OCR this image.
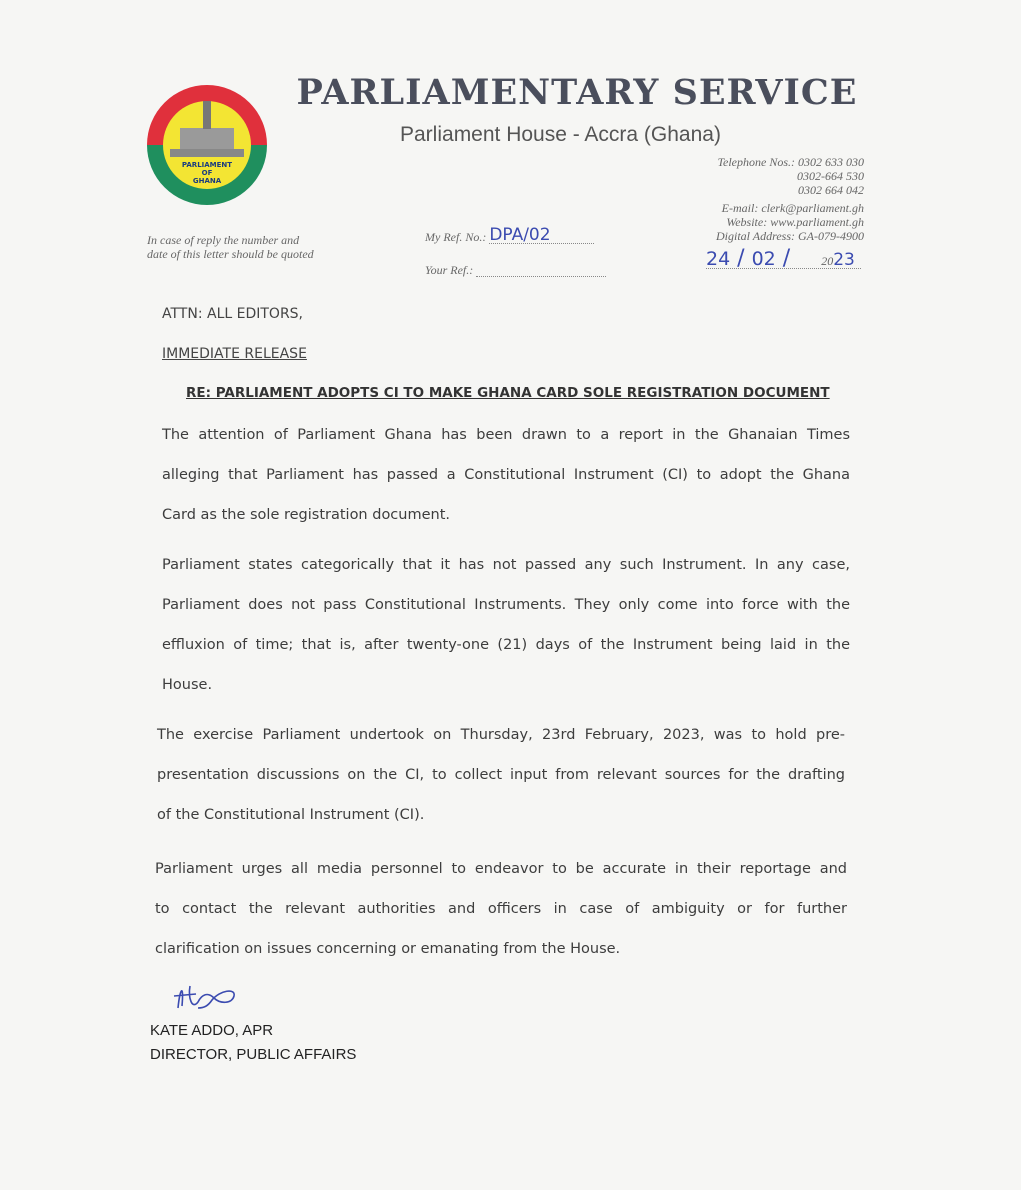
PARLIAMENT
OF
GHANA
PARLIAMENTARY SERVICE
Parliament House - Accra (Ghana)
Telephone Nos.: 0302 633 030
0302-664 530
0302 664 042
E-mail: clerk@parliament.gh
Website: www.parliament.gh
Digital Address: GA-079-4900
In case of reply the number and date of this letter should be quoted
My Ref. No.: DPA/02
Your Ref.:	24 / 02 /	2023
ATTN: ALL EDITORS,
IMMEDIATE RELEASE
RE: PARLIAMENT ADOPTS CI TO MAKE GHANA CARD SOLE REGISTRATION DOCUMENT
The attention of Parliament Ghana has been drawn to a report in the Ghanaian Times
alleging that Parliament has passed a Constitutional Instrument (CI) to adopt the Ghana
Card as the sole registration document.
Parliament states categorically that it has not passed any such Instrument. In any case,
Parliament does not pass Constitutional Instruments. They only come into force with the
effluxion of time; that is, after twenty-one (21) days of the Instrument being laid in the
House.
The exercise Parliament undertook on Thursday, 23rd February, 2023, was to hold pre-
presentation discussions on the CI, to collect input from relevant sources for the drafting
of the Constitutional Instrument (CI).
Parliament urges all media personnel to endeavor to be accurate in their reportage and
to contact the relevant authorities and officers in case of ambiguity or for further
clarification on issues concerning or emanating from the House.
KATE ADDO, APR
DIRECTOR, PUBLIC AFFAIRS
